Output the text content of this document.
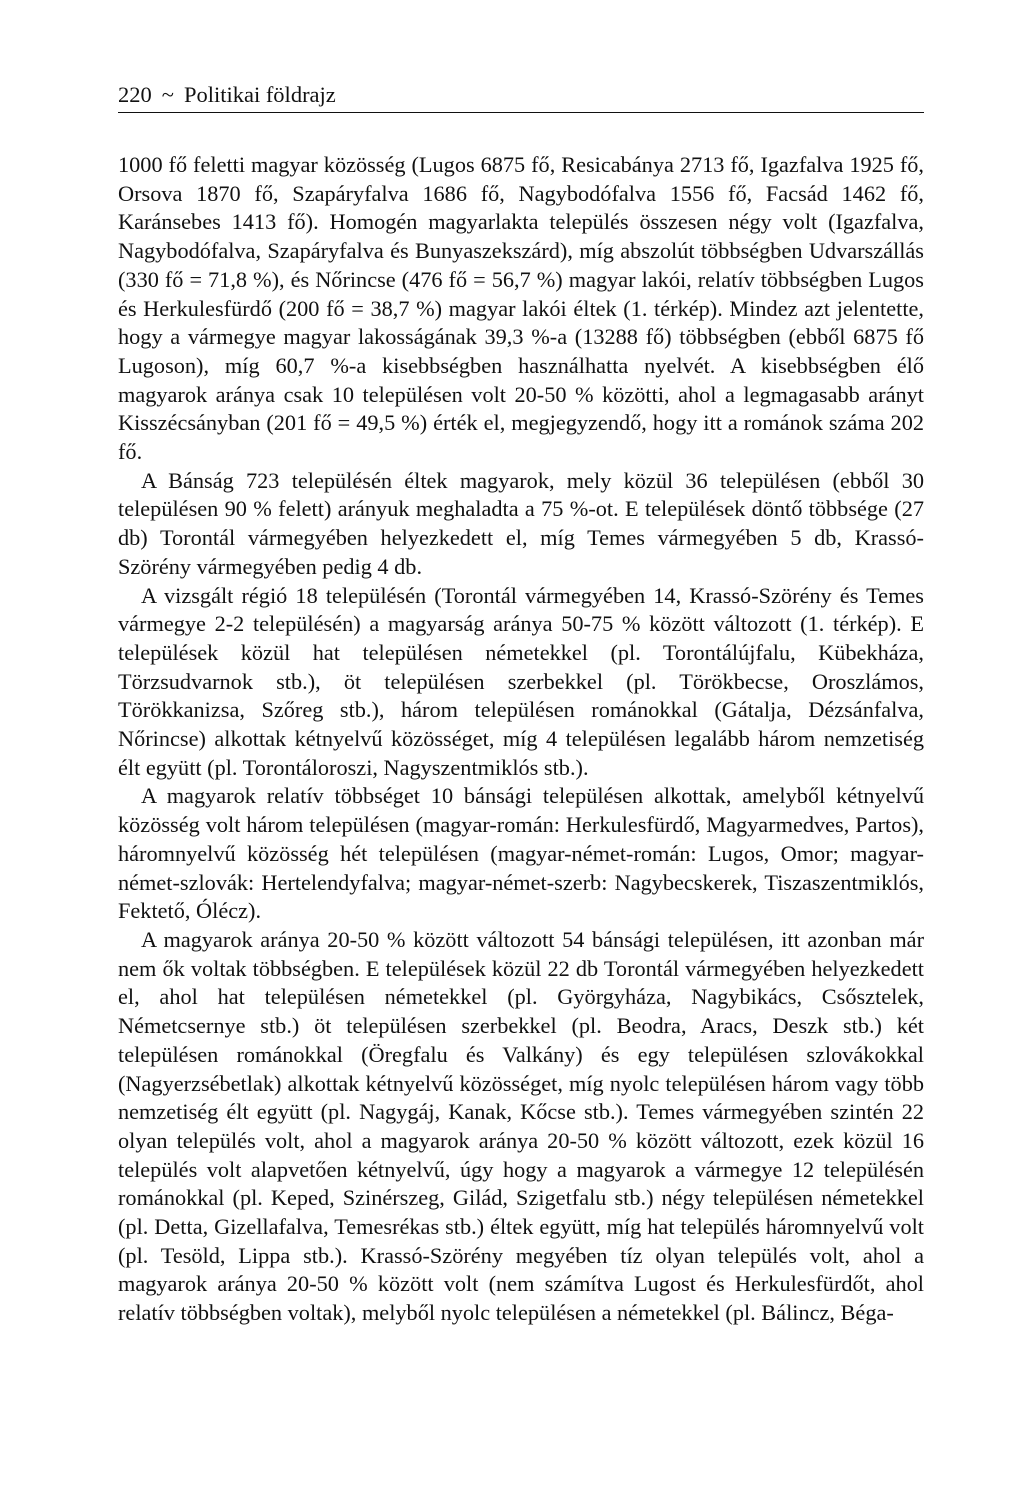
220 ~ Politikai földrajz

1000 fő feletti magyar közösség (Lugos 6875 fő, Resicabánya 2713 fő, Igazfalva 1925 fő, Orsova 1870 fő, Szapáryfalva 1686 fő, Nagybodófalva 1556 fő, Facsád 1462 fő, Karánsebes 1413 fő). Homogén magyarlakta település összesen négy volt (Igazfalva, Nagybodófalva, Szapáryfalva és Bunyaszekszárd), míg abszolút többségben Udvarszállás (330 fő = 71,8 %), és Nőrincse (476 fő = 56,7 %) magyar lakói, relatív többségben Lugos és Herkulesfürdő (200 fő = 38,7 %) magyar lakói éltek (1. térkép). Mindez azt jelentette, hogy a vármegye magyar lakosságának 39,3 %-a (13288 fő) többségben (ebből 6875 fő Lugoson), míg 60,7 %-a kisebbségben használhatta nyelvét. A kisebbségben élő magyarok aránya csak 10 településen volt 20-50 % közötti, ahol a legmagasabb arányt Kisszécsányban (201 fő = 49,5 %) érték el, megjegyzendő, hogy itt a románok száma 202 fő.

A Bánság 723 településén éltek magyarok, mely közül 36 településen (ebből 30 településen 90 % felett) arányuk meghaladta a 75 %-ot. E települések döntő többsége (27 db) Torontál vármegyében helyezkedett el, míg Temes vármegyében 5 db, Krassó-Szörény vármegyében pedig 4 db.

A vizsgált régió 18 településén (Torontál vármegyében 14, Krassó-Szörény és Temes vármegye 2-2 településén) a magyarság aránya 50-75 % között változott (1. térkép). E települések közül hat településen németekkel (pl. Torontálújfalu, Kübekháza, Törzsudvarnok stb.), öt településen szerbekkel (pl. Törökbecse, Oroszlámos, Törökkanizsa, Szőreg stb.), három településen románokkal (Gátalja, Dézsánfalva, Nőrincse) alkottak kétnyelvű közösséget, míg 4 településen legalább három nemzetiség élt együtt (pl. Torontáloroszi, Nagyszentmiklós stb.).

A magyarok relatív többséget 10 bánsági településen alkottak, amelyből kétnyelvű közösség volt három településen (magyar-román: Herkulesfürdő, Magyarmedves, Partos), háromnyelvű közösség hét településen (magyar-német-román: Lugos, Omor; magyar-német-szlovák: Hertelendyfalva; magyar-német-szerb: Nagybecskerek, Tiszaszentmiklós, Fektető, Ólécz).

A magyarok aránya 20-50 % között változott 54 bánsági településen, itt azonban már nem ők voltak többségben. E települések közül 22 db Torontál vármegyében helyezkedett el, ahol hat településen németekkel (pl. Györgyháza, Nagybikács, Csősztelek, Németcsernye stb.) öt településen szerbekkel (pl. Beodra, Aracs, Deszk stb.) két településen románokkal (Öregfalu és Valkány) és egy településen szlovákokkal (Nagyerzsébetlak) alkottak kétnyelvű közösséget, míg nyolc településen három vagy több nemzetiség élt együtt (pl. Nagygáj, Kanak, Kőcse stb.). Temes vármegyében szintén 22 olyan település volt, ahol a magyarok aránya 20-50 % között változott, ezek közül 16 település volt alapvetően kétnyelvű, úgy hogy a magyarok a vármegye 12 településén románokkal (pl. Keped, Szinérszeg, Gilád, Szigetfalu stb.) négy településen németekkel (pl. Detta, Gizellafalva, Temesrékas stb.) éltek együtt, míg hat település háromnyelvű volt (pl. Tesöld, Lippa stb.). Krassó-Szörény megyében tíz olyan település volt, ahol a magyarok aránya 20-50 % között volt (nem számítva Lugost és Herkulesfürdőt, ahol relatív többségben voltak), melyből nyolc településen a németekkel (pl. Bálincz, Béga-
